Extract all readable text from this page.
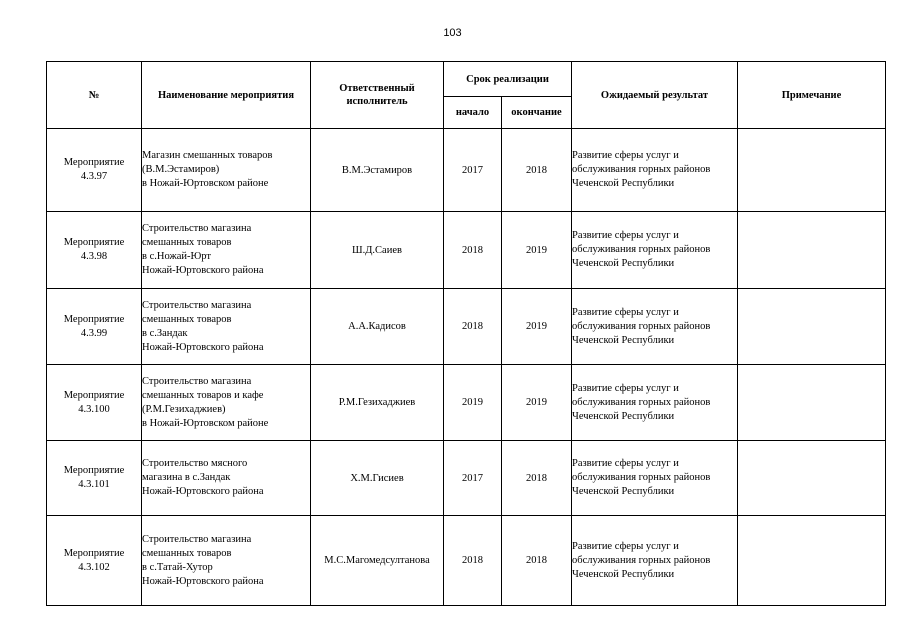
103
№	Наименование мероприятия	Ответственный
исполнитель	Срок реализации		Ожидаемый результат	Примечание
			начало	окончание		

Мероприятие
4.3.97	Магазин смешанных товаров
(В.М.Эстамиров)
в Ножай-Юртовском районе	В.М.Эстамиров	2017	2018	Развитие сферы услуг и
обслуживания горных районов
Чеченской Республики	

Мероприятие
4.3.98	Строительство магазина
смешанных товаров
в с.Ножай-Юрт
Ножай-Юртовского района	Ш.Д.Саиев	2018	2019	Развитие сферы услуг и
обслуживания горных районов
Чеченской Республики	

Мероприятие
4.3.99	Строительство магазина
смешанных товаров
в с.Зандак
Ножай-Юртовского района	А.А.Кадисов	2018	2019	Развитие сферы услуг и
обслуживания горных районов
Чеченской Республики	

Мероприятие
4.3.100	Строительство магазина
смешанных товаров и кафе
(Р.М.Гезихаджиев)
в Ножай-Юртовском районе	Р.М.Гезихаджиев	2019	2019	Развитие сферы услуг и
обслуживания горных районов
Чеченской Республики	

Мероприятие
4.3.101	Строительство мясного
магазина в с.Зандак
Ножай-Юртовского района	Х.М.Гисиев	2017	2018	Развитие сферы услуг и
обслуживания горных районов
Чеченской Республики	

Мероприятие
4.3.102	Строительство магазина
смешанных товаров
в с.Татай-Хутор
Ножай-Юртовского района	М.С.Магомедсултанова	2018	2018	Развитие сферы услуг и
обслуживания горных районов
Чеченской Республики	
